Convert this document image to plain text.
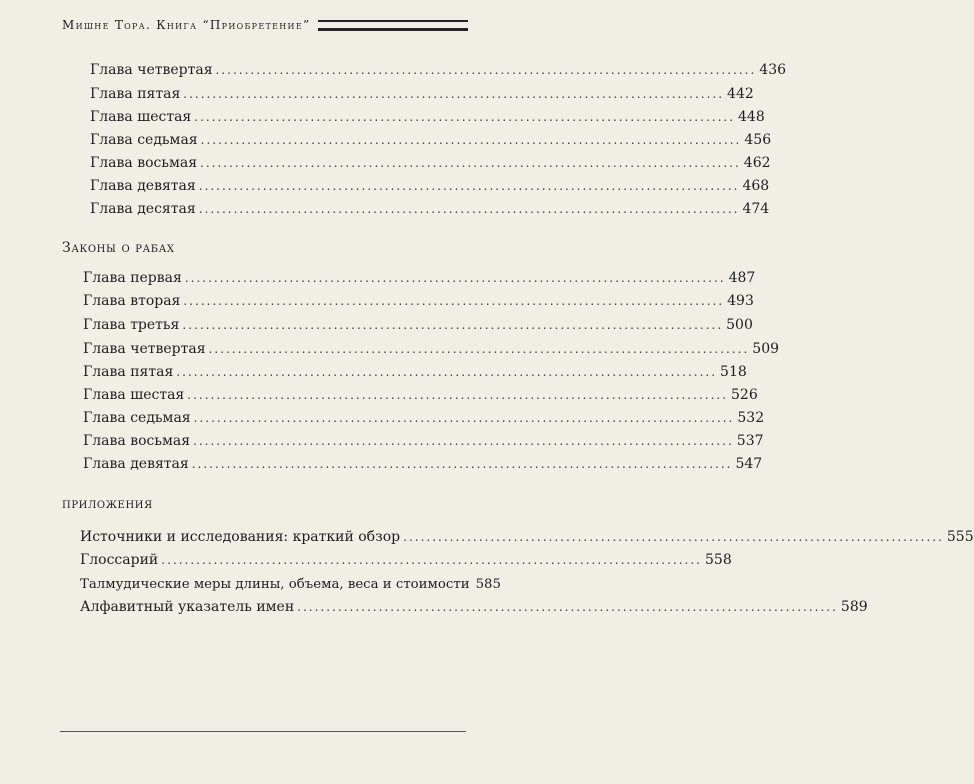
Мишне Тора. Книга “Приобретение”
Глава четвертая ............................................................................................. 436
Глава пятая ............................................................................................. 442
Глава шестая ............................................................................................. 448
Глава седьмая ............................................................................................. 456
Глава восьмая ............................................................................................. 462
Глава девятая ............................................................................................. 468
Глава десятая ............................................................................................. 474
Законы о рабах
Глава первая ............................................................................................. 487
Глава вторая ............................................................................................. 493
Глава третья ............................................................................................. 500
Глава четвертая ............................................................................................. 509
Глава пятая ............................................................................................. 518
Глава шестая ............................................................................................. 526
Глава седьмая ............................................................................................. 532
Глава восьмая ............................................................................................. 537
Глава девятая ............................................................................................. 547
приложения
Источники и исследования: краткий обзор ............................................................................................. 555
Глоссарий ............................................................................................. 558
Талмудические меры длины, объема, веса и стоимости 585
Алфавитный указатель имен ............................................................................................. 589
